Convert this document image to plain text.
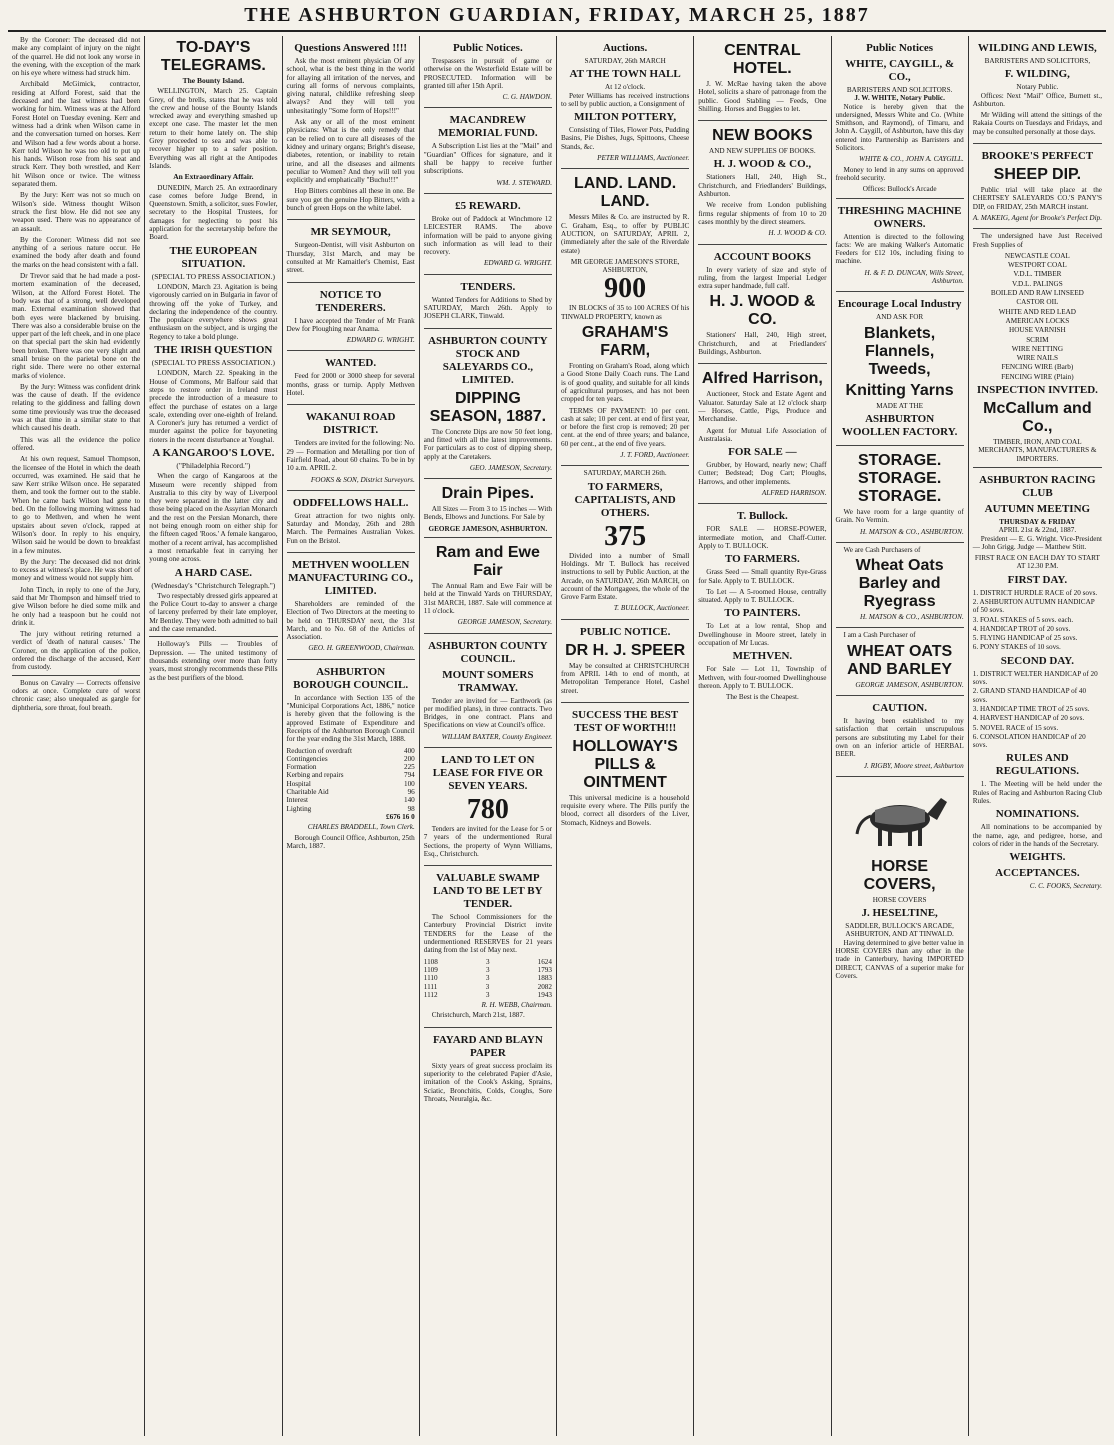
THE ASHBURTON GUARDIAN, FRIDAY, MARCH 25, 1887

By the Coroner: The deceased did not make any complaint of injury on the night of the quarrel. He did not look any worse in the evening, with the exception of the mark on his eye where witness had struck him.

Archibald McGimick, contractor, residing at Alford Forest, said that the deceased and the last witness had been working for him. Witness was at the Alford Forest Hotel on Tuesday evening. Kerr and witness had a drink when Wilson came in and the conversation turned on horses. Kerr and Wilson had a few words about a horse. Kerr told Wilson he was too old to put up his hands. Wilson rose from his seat and struck Kerr. They both wrestled, and Kerr hit Wilson once or twice. The witness separated them.

By the Jury: Kerr was not so much on Wilson's side. Witness thought Wilson struck the first blow. He did not see any weapon used. There was no appearance of an assault.

By the Coroner: Witness did not see anything of a serious nature occur. He examined the body after death and found the marks on the head consistent with a fall.

Dr Trevor said that he had made a post-mortem examination of the deceased, Wilson, at the Alford Forest Hotel. The body was that of a strong, well developed man. External examination showed that both eyes were blackened by bruising. There was also a considerable bruise on the upper part of the left cheek, and in one place on that special part the skin had evidently been broken. There was one very slight and small bruise on the parietal bone on the right side. There were no other external marks of violence.

By the Jury: Witness was confident drink was the cause of death. If the evidence relating to the giddiness and falling down some time previously was true the deceased was at that time in a similar state to that which caused his death.

This was all the evidence the police offered.

At his own request, Samuel Thompson, the licensee of the Hotel in which the death occurred, was examined. He said that he saw Kerr strike Wilson once. He separated them, and took the former out to the stable. When he came back Wilson had gone to bed. On the following morning witness had to go to Methven, and when he went upstairs about seven o'clock, rapped at Wilson's door. In reply to his enquiry, Wilson said he would be down to breakfast in a few minutes.

By the Jury: The deceased did not drink to excess at witness's place. He was short of money and witness would not supply him.

John Tinch, in reply to one of the Jury, said that Mr Thompson and himself tried to give Wilson before he died some milk and he only had a teaspoon but he could not drink it.

The jury without retiring returned a verdict of 'death of natural causes.' The Coroner, on the application of the police, ordered the discharge of the accused, Kerr from custody.

Bonus on Cavalry — Corrects offensive odors at once. Complete cure of worst chronic case; also unequaled as gargle for diphtheria, sore throat, foul breath.

TO-DAY'S TELEGRAMS.
The Bounty Island.

WELLINGTON, March 25. Captain Grey, of the brells, states that he was told the crew and house of the Bounty Islands wrecked away and everything smashed up except one case. The master let the men return to their home lately on. The ship Grey proceeded to sea and was able to recover higher up to a safer position. Everything was all right at the Antipodes Islands.

An Extraordinary Affair.

DUNEDIN, March 25. An extraordinary case comes before Judge Brend, in Queenstown. Smith, a solicitor, sues Fowler, secretary to the Hospital Trustees, for damages for neglecting to post his application for the secretaryship before the Board.

THE EUROPEAN SITUATION.
(SPECIAL TO PRESS ASSOCIATION.)

LONDON, March 23. Agitation is being vigorously carried on in Bulgaria in favor of throwing off the yoke of Turkey, and declaring the independence of the country. The populace everywhere shows great enthusiasm on the subject, and is urging the Regency to take a bold plunge.

THE IRISH QUESTION
(SPECIAL TO PRESS ASSOCIATION.)

LONDON, March 22. Speaking in the House of Commons, Mr Balfour said that steps to restore order in Ireland must precede the introduction of a measure to effect the purchase of estates on a large scale, extending over one-eighth of Ireland. A Coroner's jury has returned a verdict of murder against the police for bayoneting rioters in the recent disturbance at Youghal.

A KANGAROO'S LOVE.
("Philadelphia Record.")

When the cargo of Kangaroos at the Museum were recently shipped from Australia to this city by way of Liverpool they were separated in the latter city and those being placed on the Assyrian Monarch and the rest on the Persian Monarch, there not being enough room on either ship for the fifteen caged 'Roos.' A female kangaroo, mother of a recent arrival, has accomplished a most remarkable feat in carrying her young one across.

A HARD CASE.
(Wednesday's "Christchurch Telegraph.")

Two respectably dressed girls appeared at the Police Court to-day to answer a charge of larceny preferred by their late employer, Mr Bentley. They were both admitted to bail and the case remanded.

Holloway's Pills — Troubles of Depression. — The united testimony of thousands extending over more than forty years, most strongly recommends these Pills as the best purifiers of the blood.

Questions Answered !!!!

Ask the most eminent physician Of any school, what is the best thing in the world for allaying all irritation of the nerves, and curing all forms of nervous complaints, giving natural, childlike refreshing sleep always? And they will tell you unhesitatingly "Some form of Hops!!!"

Ask any or all of the most eminent physicians: What is the only remedy that can be relied on to cure all diseases of the kidney and urinary organs; Bright's disease, diabetes, retention, or inability to retain urine, and all the diseases and ailments peculiar to Women? And they will tell you explicitly and emphatically "Buchu!!!"

Hop Bitters combines all these in one. Be sure you get the genuine Hop Bitters, with a bunch of green Hops on the white label.

MR SEYMOUR,

Surgeon-Dentist, will visit Ashburton on Thursday, 31st March, and may be consulted at Mr Kamaitler's Chemist, East street.

NOTICE TO TENDERERS.

I have accepted the Tender of Mr Frank Dew for Ploughing near Anama.

EDWARD G. WRIGHT.
WANTED.

Feed for 2000 or 3000 sheep for several months, grass or turnip. Apply Methven Hotel.

WAKANUI ROAD DISTRICT.

Tenders are invited for the following: No. 29 — Formation and Metalling por tion of Fairfield Road, about 60 chains. To be in by 10 a.m. APRIL 2.

FOOKS & SON, District Surveyors.
ODDFELLOWS HALL.

Great attraction for two nights only. Saturday and Monday, 26th and 28th March. The Permaines Australian Vokes. Fun on the Bristol.

METHVEN WOOLLEN MANUFACTURING CO., LIMITED.

Shareholders are reminded of the Election of Two Directors at the meeting to be held on THURSDAY next, the 31st March, and to No. 68 of the Articles of Association.

GEO. H. GREENWOOD, Chairman.
ASHBURTON BOROUGH COUNCIL.

In accordance with Section 135 of the "Municipal Corporations Act, 1886," notice is hereby given that the following is the approved Estimate of Expenditure and Receipts of the Ashburton Borough Council for the year ending the 31st March, 1888.

Reduction of overdraft	400
Contingencies	200
Formation	225
Kerbing and repairs	794
Hospital	100
Charitable Aid	96
Interest	140
Lighting	98
£676 16 0
CHARLES BRADDELL, Town Clerk.

Borough Council Office, Ashburton, 25th March, 1887.

Public Notices.

Trespassers in pursuit of game or otherwise on the Westerfield Estate will be PROSECUTED. Information will be granted till after 15th April.

C. G. HAWDON.
MACANDREW MEMORIAL FUND.

A Subscription List lies at the "Mail" and "Guardian" Offices for signature, and it shall be happy to receive further subscriptions.

WM. J. STEWARD.
£5 REWARD.

Broke out of Paddock at Winchmore 12 LEICESTER RAMS. The above information will be paid to anyone giving such information as will lead to their recovery.

EDWARD G. WRIGHT.
TENDERS.

Wanted Tenders for Additions to Shed by SATURDAY, March 26th. Apply to JOSEPH CLARK, Tinwald.

ASHBURTON COUNTY STOCK AND SALEYARDS CO., LIMITED.
DIPPING SEASON, 1887.

The Concrete Dips are now 50 feet long, and fitted with all the latest improvements. For particulars as to cost of dipping sheep, apply at the Caretakers.

GEO. JAMESON, Secretary.
Drain Pipes.

All Sizes — From 3 to 15 inches — With Bends, Elbows and Junctions. For Sale by

GEORGE JAMESON, ASHBURTON.
Ram and Ewe Fair

The Annual Ram and Ewe Fair will be held at the Tinwald Yards on THURSDAY, 31st MARCH, 1887. Sale will commence at 11 o'clock.

GEORGE JAMESON, Secretary.
ASHBURTON COUNTY COUNCIL.
MOUNT SOMERS TRAMWAY.

Tender are invited for — Earthwork (as per modified plans), in three contracts. Two Bridges, in one contract. Plans and Specifications on view at Council's office.

WILLIAM BAXTER, County Engineer.
LAND TO LET ON LEASE FOR FIVE OR SEVEN YEARS.
780

Tenders are invited for the Lease for 5 or 7 years of the undermentioned Rural Sections, the property of Wynn Williams, Esq., Christchurch.

VALUABLE SWAMP LAND TO BE LET BY TENDER.

The School Commissioners for the Canterbury Provincial District invite TENDERS for the Lease of the undermentioned RESERVES for 21 years dating from the 1st of May next.

1108	3	1624
1109	3	1793
1110	3	1883
1111	3	2082
1112	3	1943
R. H. WEBB, Chairman.

Christchurch, March 21st, 1887.

FAYARD AND BLAYN PAPER

Sixty years of great success proclaim its superiority to the celebrated Papier d'Asie, imitation of the Cook's Asking, Sprains, Sciatic, Bronchitis, Colds, Coughs, Sore Throats, Neuralgia, &c.

Auctions.
SATURDAY, 26th MARCH
AT THE TOWN HALL
At 12 o'clock.

Peter Williams has received instructions to sell by public auction, a Consignment of

MILTON POTTERY,

Consisting of Tiles, Flower Pots, Pudding Basins, Pie Dishes, Jugs, Spittoons, Cheese Stands, &c.

PETER WILLIAMS, Auctioneer.
LAND. LAND. LAND.

Messrs Miles & Co. are instructed by R. C. Graham, Esq., to offer by PUBLIC AUCTION, on SATURDAY, APRIL 2, (immediately after the sale of the Riverdale estate)

MR GEORGE JAMESON'S STORE, ASHBURTON,
900

IN BLOCKS of 35 to 100 ACRES Of his TINWALD PROPERTY, known as

GRAHAM'S FARM,

Fronting on Graham's Road, along which a Good Stone Daily Coach runs. The Land is of good quality, and suitable for all kinds of agricultural purposes, and has not been cropped for ten years.

TERMS OF PAYMENT: 10 per cent. cash at sale; 10 per cent. at end of first year, or before the first crop is removed; 20 per cent. at the end of three years; and balance, 60 per cent., at the end of five years.

J. T. FORD, Auctioneer.
SATURDAY, MARCH 26th.
TO FARMERS, CAPITALISTS, AND OTHERS.
375

Divided into a number of Small Holdings. Mr T. Bullock has received instructions to sell by Public Auction, at the Arcade, on SATURDAY, 26th MARCH, on account of the Mortgagees, the whole of the Grove Farm Estate.

T. BULLOCK, Auctioneer.
PUBLIC NOTICE.
DR H. J. SPEER

May be consulted at CHRISTCHURCH from APRIL 14th to end of month, at Metropolitan Temperance Hotel, Cashel street.

SUCCESS THE BEST TEST OF WORTH!!!
HOLLOWAY'S PILLS & OINTMENT

This universal medicine is a household requisite every where. The Pills purify the blood, correct all disorders of the Liver, Stomach, Kidneys and Bowels.

CENTRAL HOTEL.

J. W. McRae having taken the above Hotel, solicits a share of patronage from the public. Good Stabling — Feeds, One Shilling. Horses and Buggies to let.

NEW BOOKS
AND NEW SUPPLIES OF BOOKS.
H. J. WOOD & CO.,

Stationers Hall, 240, High St., Christchurch, and Friedlanders' Buildings, Ashburton.

We receive from London publishing firms regular shipments of from 10 to 20 cases monthly by the direct steamers.

H. J. WOOD & CO.
ACCOUNT BOOKS

In every variety of size and style of ruling, from the largest Imperial Ledger extra super handmade, full calf.

H. J. WOOD & CO.

Stationers' Hall, 240, High street, Christchurch, and at Friedlanders' Buildings, Ashburton.

Alfred Harrison,

Auctioneer, Stock and Estate Agent and Valuator. Saturday Sale at 12 o'clock sharp — Horses, Cattle, Pigs, Produce and Merchandise.

Agent for Mutual Life Association of Australasia.

FOR SALE —

Grubber, by Howard, nearly new; Chaff Cutter; Bedstead; Dog Cart; Ploughs, Harrows, and other implements.

ALFRED HARRISON.
T. Bullock.

FOR SALE — HORSE-POWER, intermediate motion, and Chaff-Cutter. Apply to T. BULLOCK.

TO FARMERS.

Grass Seed — Small quantity Rye-Grass for Sale. Apply to T. BULLOCK.

To Let — A 5-roomed House, centrally situated. Apply to T. BULLOCK.

TO PAINTERS.

To Let at a low rental, Shop and Dwellinghouse in Moore street, lately in occupation of Mr Lucas.

METHVEN.

For Sale — Lot 11, Township of Methven, with four-roomed Dwellinghouse thereon. Apply to T. BULLOCK.

The Best is the Cheapest.
Public Notices
WHITE, CAYGILL, & CO.,
BARRISTERS AND SOLICITORS.
J. W. WHITE, Notary Public.

Notice is hereby given that the undersigned, Messrs White and Co. (White Smithson, and Raymond), of Timaru, and John A. Caygill, of Ashburton, have this day entered into Partnership as Barristers and Solicitors.

WHITE & CO., JOHN A. CAYGILL.

Money to lend in any sums on approved freehold security.

Offices: Bullock's Arcade
THRESHING MACHINE OWNERS.

Attention is directed to the following facts: We are making Walker's Automatic Feeders for £12 10s, including fixing to machine.

H. & F. D. DUNCAN, Wills Street, Ashburton.
Encourage Local Industry
AND ASK FOR
Blankets, Flannels, Tweeds,
Knitting Yarns
MADE AT THE
ASHBURTON WOOLLEN FACTORY.
STORAGE. STORAGE. STORAGE.

We have room for a large quantity of Grain. No Vermin.

H. MATSON & CO., ASHBURTON.

We are Cash Purchasers of

Wheat Oats Barley and Ryegrass
H. MATSON & CO., ASHBURTON.

I am a Cash Purchaser of

WHEAT OATS AND BARLEY
GEORGE JAMESON, ASHBURTON.
CAUTION.

It having been established to my satisfaction that certain unscrupulous persons are substituting my Label for their own on an inferior article of HERBAL BEER.

J. RIGBY, Moore street, Ashburton
HORSE COVERS,
HORSE COVERS
J. HESELTINE,
SADDLER, BULLOCK'S ARCADE, ASHBURTON, AND AT TINWALD.

Having determined to give better value in HORSE COVERS than any other in the trade in Canterbury, having IMPORTED DIRECT, CANVAS of a superior make for Covers.

WILDING AND LEWIS,
BARRISTERS AND SOLICITORS,
F. WILDING,
Notary Public.

Offices: Next "Mail" Office, Burnett st., Ashburton.

Mr Wilding will attend the sittings of the Rakaia Courts on Tuesdays and Fridays, and may be consulted personally at those days.

BROOKE'S PERFECT
SHEEP DIP.

Public trial will take place at the CHERTSEY SALEYARDS CO.'S PANY'S DIP, on FRIDAY, 25th MARCH instant.

A. MAKEIG, Agent for Brooke's Perfect Dip.

The undersigned have Just Received Fresh Supplies of

NEWCASTLE COAL
WESTPORT COAL
V.D.L. TIMBER
V.D.L. PALINGS
BOILED AND RAW LINSEED
CASTOR OIL
WHITE AND RED LEAD
AMERICAN LOCKS
HOUSE VARNISH
SCRIM
WIRE NETTING
WIRE NAILS
FENCING WIRE (Barb)
FENCING WIRE (Plain)
INSPECTION INVITED.
McCallum and Co.,
TIMBER, IRON, AND COAL MERCHANTS, MANUFACTURERS & IMPORTERS.
ASHBURTON RACING CLUB
AUTUMN MEETING
THURSDAY & FRIDAY
APRIL 21st & 22nd, 1887.

President — E. G. Wright. Vice-President — John Grigg. Judge — Matthew Stitt.

FIRST RACE ON EACH DAY TO START AT 12.30 P.M.
FIRST DAY.
1. DISTRICT HURDLE RACE of 20 sovs.
2. ASHBURTON AUTUMN HANDICAP of 50 sovs.
3. FOAL STAKES of 5 sovs. each.
4. HANDICAP TROT of 20 sovs.
5. FLYING HANDICAP of 25 sovs.
6. PONY STAKES of 10 sovs.
SECOND DAY.
1. DISTRICT WELTER HANDICAP of 20 sovs.
2. GRAND STAND HANDICAP of 40 sovs.
3. HANDICAP TIME TROT of 25 sovs.
4. HARVEST HANDICAP of 20 sovs.
5. NOVEL RACE of 15 sovs.
6. CONSOLATION HANDICAP of 20 sovs.
RULES AND REGULATIONS.

1. The Meeting will be held under the Rules of Racing and Ashburton Racing Club Rules.

NOMINATIONS.

All nominations to be accompanied by the name, age, and pedigree, horse, and colors of rider in the hands of the Secretary.

WEIGHTS.
ACCEPTANCES.
C. C. FOOKS, Secretary.
